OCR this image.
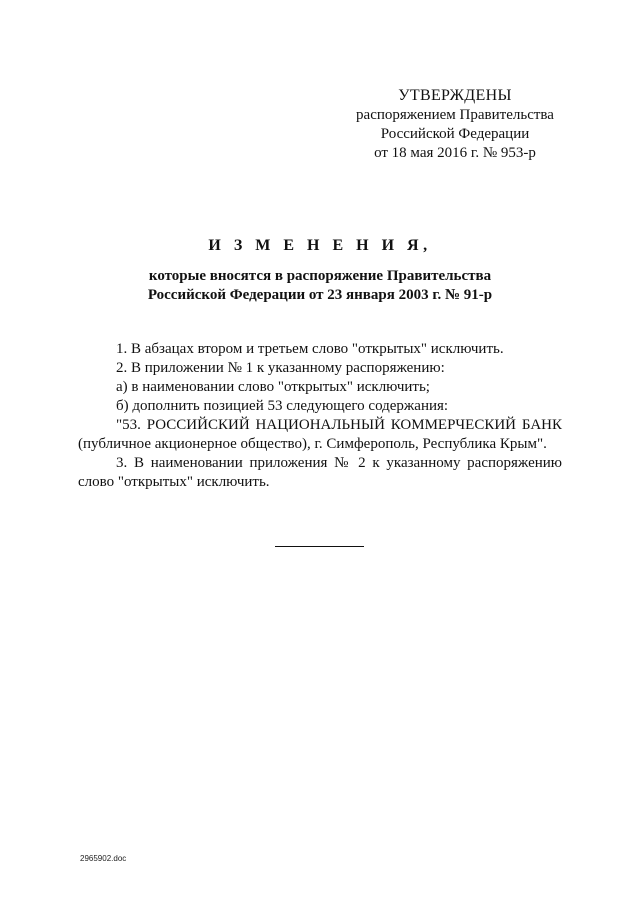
УТВЕРЖДЕНЫ
распоряжением Правительства
Российской Федерации
от 18 мая 2016 г. № 953-р
И З М Е Н Е Н И Я,
которые вносятся в распоряжение Правительства
Российской Федерации от 23 января 2003 г. № 91-р

1. В абзацах втором и третьем слово "открытых" исключить.

2. В приложении № 1 к указанному распоряжению:

а) в наименовании слово "открытых" исключить;

б) дополнить позицией 53 следующего содержания:

"53. РОССИЙСКИЙ НАЦИОНАЛЬНЫЙ КОММЕРЧЕСКИЙ БАНК (публичное акционерное общество), г. Симферополь, Республика Крым".

3. В наименовании приложения № 2 к указанному распоряжению слово "открытых" исключить.

2965902.doc
